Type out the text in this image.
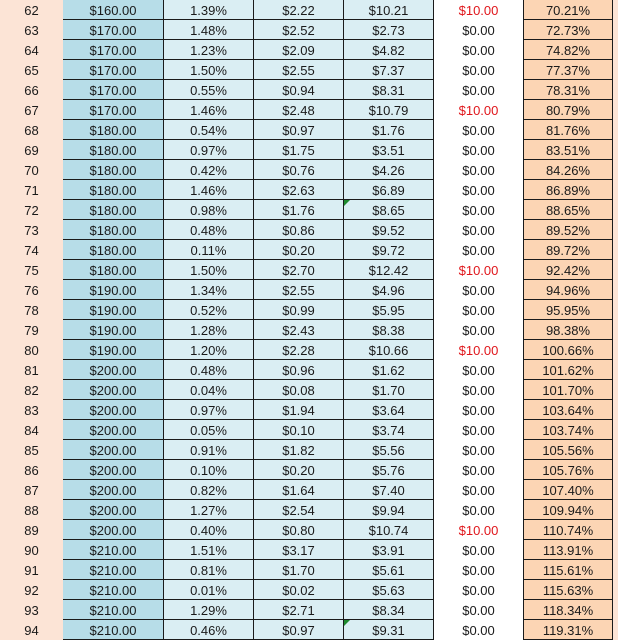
62	$160.00	1.39%	$2.22	$10.21	$10.00	70.21%
63	$170.00	1.48%	$2.52	$2.73	$0.00	72.73%
64	$170.00	1.23%	$2.09	$4.82	$0.00	74.82%
65	$170.00	1.50%	$2.55	$7.37	$0.00	77.37%
66	$170.00	0.55%	$0.94	$8.31	$0.00	78.31%
67	$170.00	1.46%	$2.48	$10.79	$10.00	80.79%
68	$180.00	0.54%	$0.97	$1.76	$0.00	81.76%
69	$180.00	0.97%	$1.75	$3.51	$0.00	83.51%
70	$180.00	0.42%	$0.76	$4.26	$0.00	84.26%
71	$180.00	1.46%	$2.63	$6.89	$0.00	86.89%
72	$180.00	0.98%	$1.76	$8.65	$0.00	88.65%
73	$180.00	0.48%	$0.86	$9.52	$0.00	89.52%
74	$180.00	0.11%	$0.20	$9.72	$0.00	89.72%
75	$180.00	1.50%	$2.70	$12.42	$10.00	92.42%
76	$190.00	1.34%	$2.55	$4.96	$0.00	94.96%
78	$190.00	0.52%	$0.99	$5.95	$0.00	95.95%
79	$190.00	1.28%	$2.43	$8.38	$0.00	98.38%
80	$190.00	1.20%	$2.28	$10.66	$10.00	100.66%
81	$200.00	0.48%	$0.96	$1.62	$0.00	101.62%
82	$200.00	0.04%	$0.08	$1.70	$0.00	101.70%
83	$200.00	0.97%	$1.94	$3.64	$0.00	103.64%
84	$200.00	0.05%	$0.10	$3.74	$0.00	103.74%
85	$200.00	0.91%	$1.82	$5.56	$0.00	105.56%
86	$200.00	0.10%	$0.20	$5.76	$0.00	105.76%
87	$200.00	0.82%	$1.64	$7.40	$0.00	107.40%
88	$200.00	1.27%	$2.54	$9.94	$0.00	109.94%
89	$200.00	0.40%	$0.80	$10.74	$10.00	110.74%
90	$210.00	1.51%	$3.17	$3.91	$0.00	113.91%
91	$210.00	0.81%	$1.70	$5.61	$0.00	115.61%
92	$210.00	0.01%	$0.02	$5.63	$0.00	115.63%
93	$210.00	1.29%	$2.71	$8.34	$0.00	118.34%
94	$210.00	0.46%	$0.97	$9.31	$0.00	119.31%
